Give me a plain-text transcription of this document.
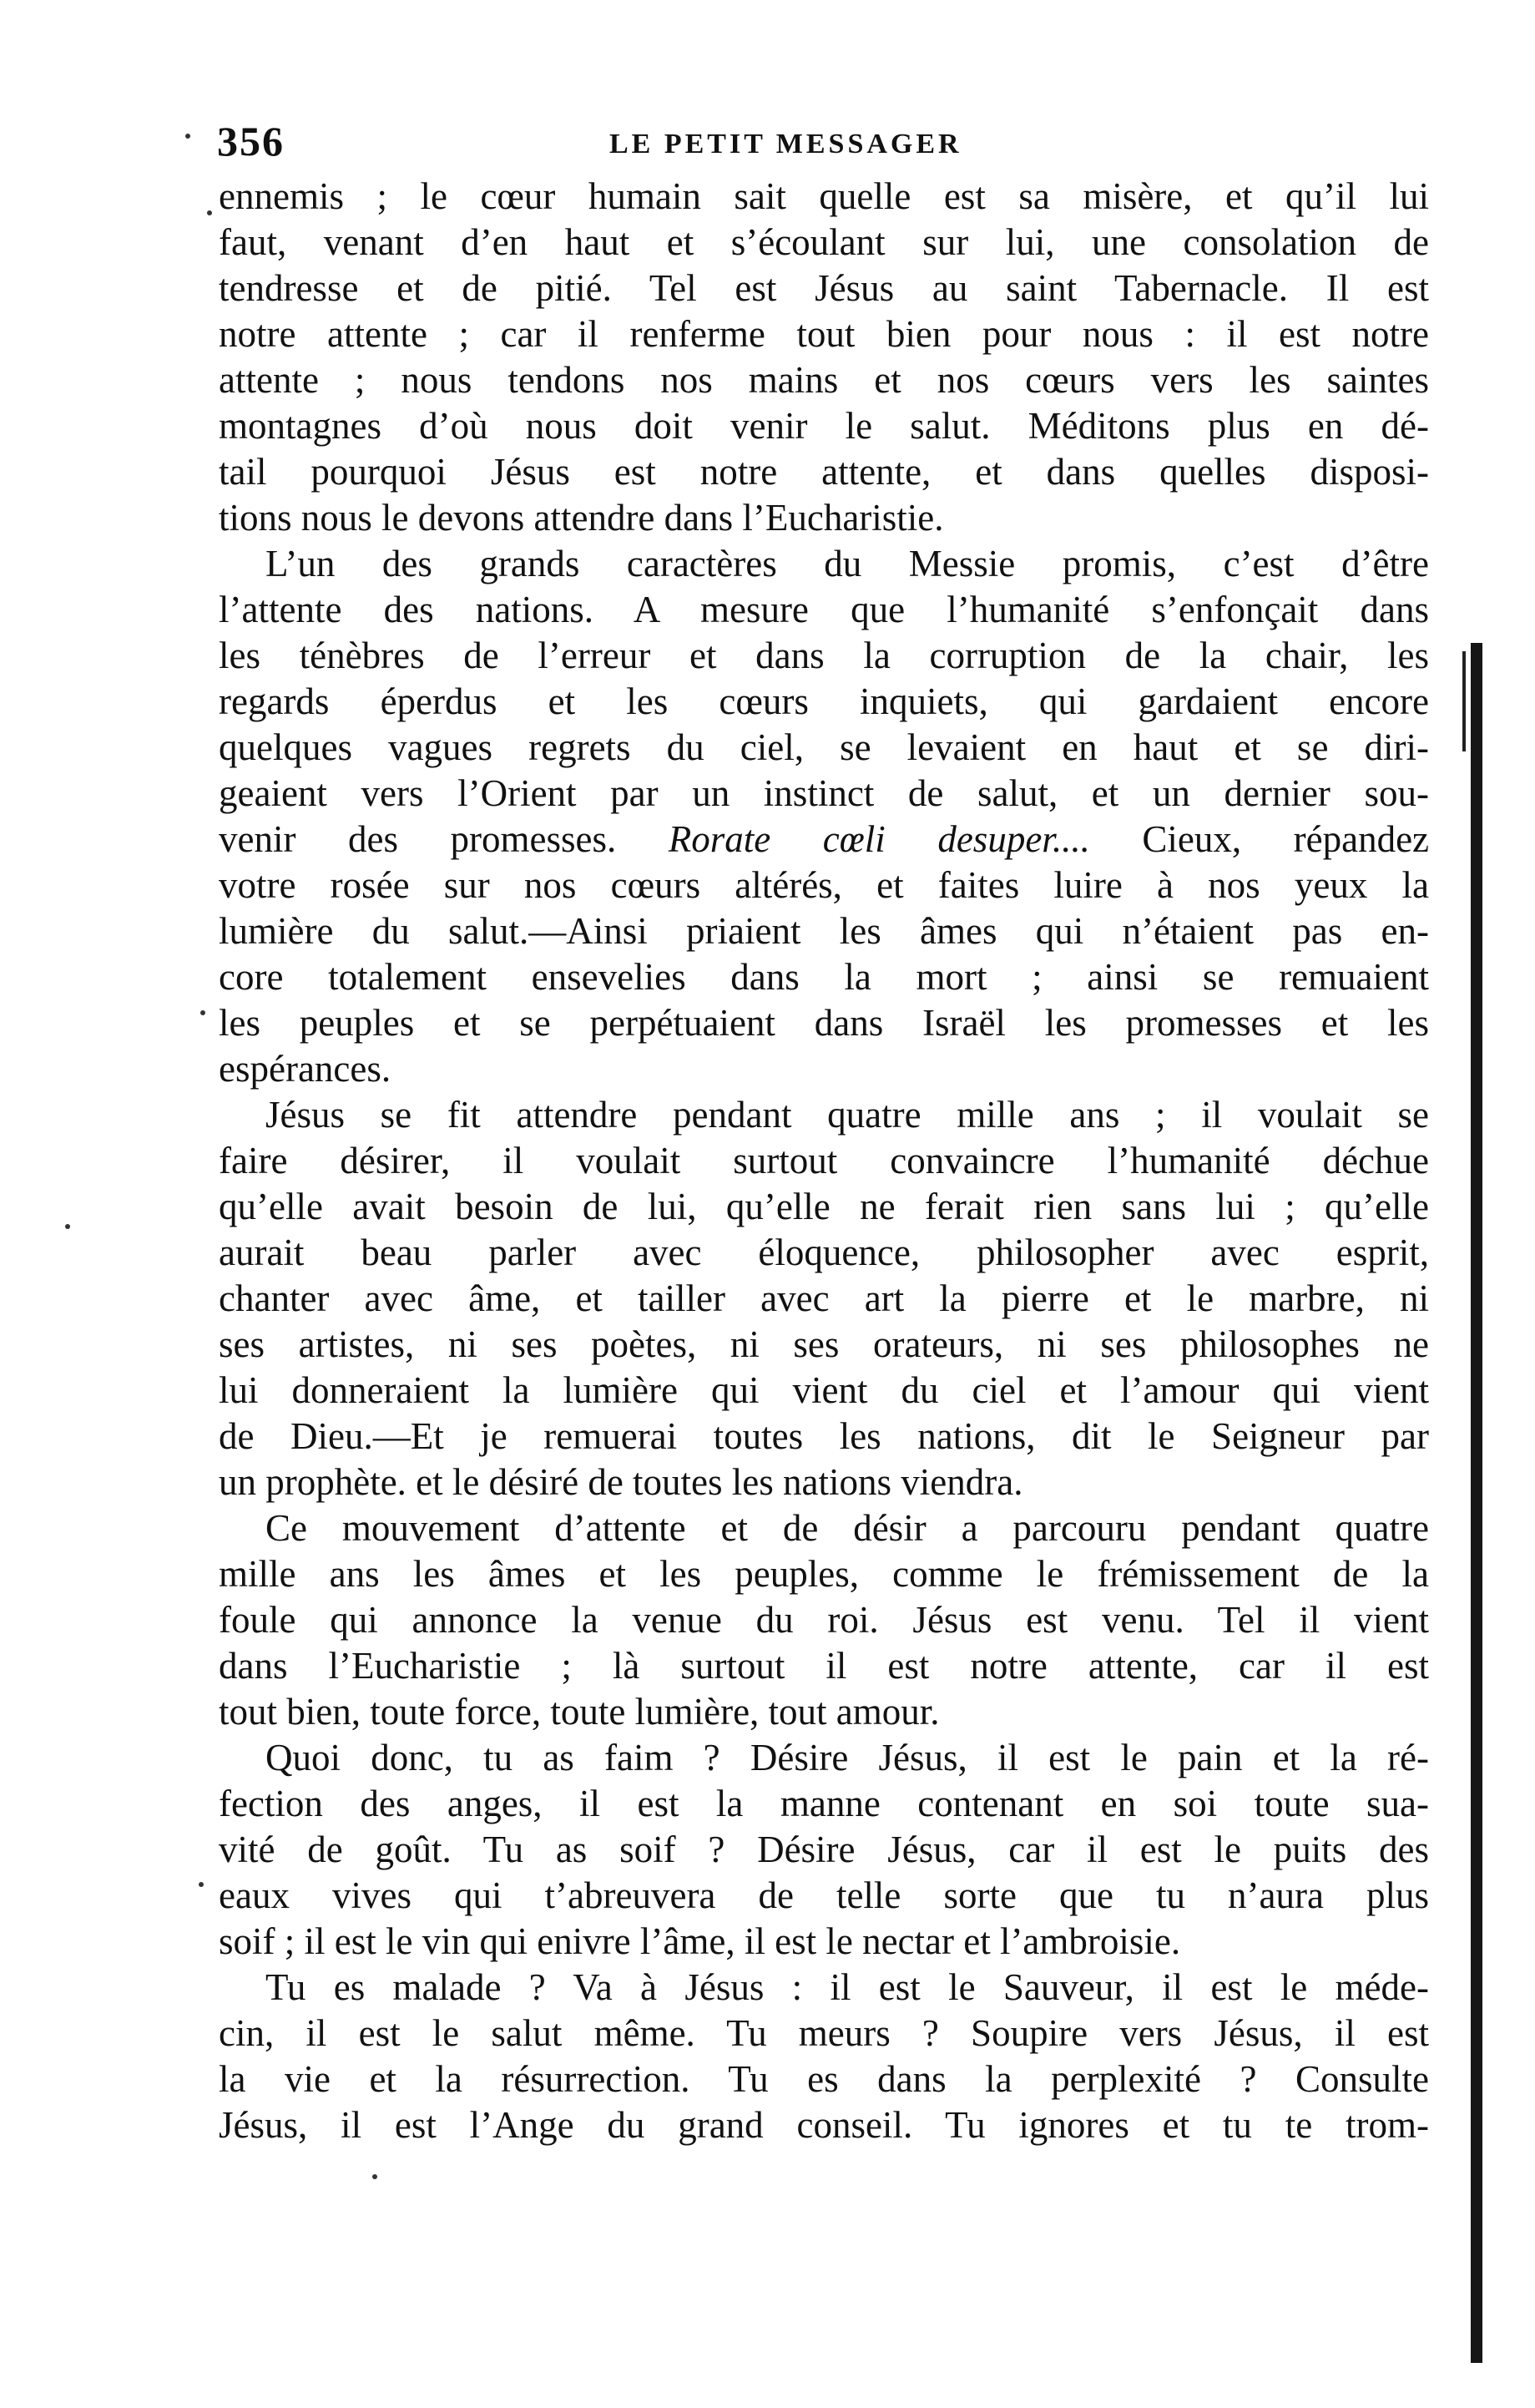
356	LE PETIT MESSAGER
ennemis ; le cœur humain sait quelle est sa misère, et qu’il lui
faut, venant d’en haut et s’écoulant sur lui, une consolation de
tendresse et de pitié. Tel est Jésus au saint Tabernacle. Il est
notre attente ; car il renferme tout bien pour nous : il est notre
attente ; nous tendons nos mains et nos cœurs vers les saintes
montagnes d’où nous doit venir le salut. Méditons plus en dé-
tail pourquoi Jésus est notre attente, et dans quelles disposi-
tions nous le devons attendre dans l’Eucharistie.
L’un des grands caractères du Messie promis, c’est d’être
l’attente des nations. A mesure que l’humanité s’enfonçait dans
les ténèbres de l’erreur et dans la corruption de la chair, les
regards éperdus et les cœurs inquiets, qui gardaient encore
quelques vagues regrets du ciel, se levaient en haut et se diri-
geaient vers l’Orient par un instinct de salut, et un dernier sou-
venir des promesses. Rorate cœli desuper.... Cieux, répandez
votre rosée sur nos cœurs altérés, et faites luire à nos yeux la
lumière du salut.—Ainsi priaient les âmes qui n’étaient pas en-
core totalement ensevelies dans la mort ; ainsi se remuaient
les peuples et se perpétuaient dans Israël les promesses et les
espérances.
Jésus se fit attendre pendant quatre mille ans ; il voulait se
faire désirer, il voulait surtout convaincre l’humanité déchue
qu’elle avait besoin de lui, qu’elle ne ferait rien sans lui ; qu’elle
aurait beau parler avec éloquence, philosopher avec esprit,
chanter avec âme, et tailler avec art la pierre et le marbre, ni
ses artistes, ni ses poètes, ni ses orateurs, ni ses philosophes ne
lui donneraient la lumière qui vient du ciel et l’amour qui vient
de Dieu.—Et je remuerai toutes les nations, dit le Seigneur par
un prophète. et le désiré de toutes les nations viendra.
Ce mouvement d’attente et de désir a parcouru pendant quatre
mille ans les âmes et les peuples, comme le frémissement de la
foule qui annonce la venue du roi. Jésus est venu. Tel il vient
dans l’Eucharistie ; là surtout il est notre attente, car il est
tout bien, toute force, toute lumière, tout amour.
Quoi donc, tu as faim ? Désire Jésus, il est le pain et la ré-
fection des anges, il est la manne contenant en soi toute sua-
vité de goût. Tu as soif ? Désire Jésus, car il est le puits des
eaux vives qui t’abreuvera de telle sorte que tu n’aura plus
soif ; il est le vin qui enivre l’âme, il est le nectar et l’ambroisie.
Tu es malade ? Va à Jésus : il est le Sauveur, il est le méde-
cin, il est le salut même. Tu meurs ? Soupire vers Jésus, il est
la vie et la résurrection. Tu es dans la perplexité ? Consulte
Jésus, il est l’Ange du grand conseil. Tu ignores et tu te trom-
